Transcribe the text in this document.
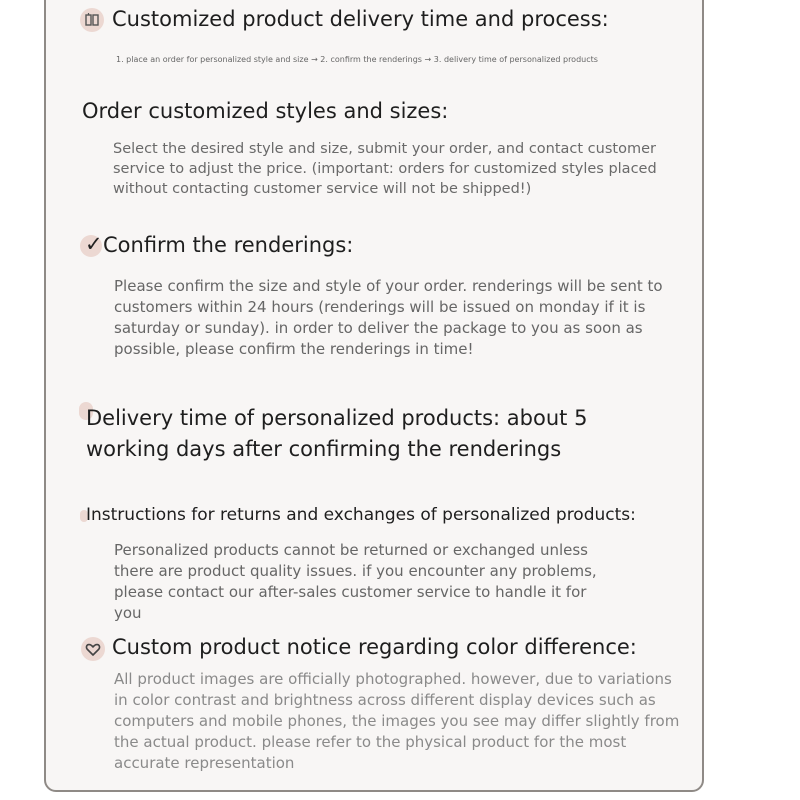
Customized product delivery time and process:
1. place an order for personalized style and size → 2. confirm the renderings → 3. delivery time of personalized products
Order customized styles and sizes:
Select the desired style and size, submit your order, and contact customer service to adjust the price. (important: orders for customized styles placed without contacting customer service will not be shipped!)
✓ Confirm the renderings:
Please confirm the size and style of your order. renderings will be sent to customers within 24 hours (renderings will be issued on monday if it is saturday or sunday). in order to deliver the package to you as soon as possible, please confirm the renderings in time!
Delivery time of personalized products: about 5 working days after confirming the renderings
Instructions for returns and exchanges of personalized products:
Personalized products cannot be returned or exchanged unless there are product quality issues. if you encounter any problems, please contact our after-sales customer service to handle it for you
Custom product notice regarding color difference:
All product images are officially photographed. however, due to variations in color contrast and brightness across different display devices such as computers and mobile phones, the images you see may differ slightly from the actual product. please refer to the physical product for the most accurate representation
